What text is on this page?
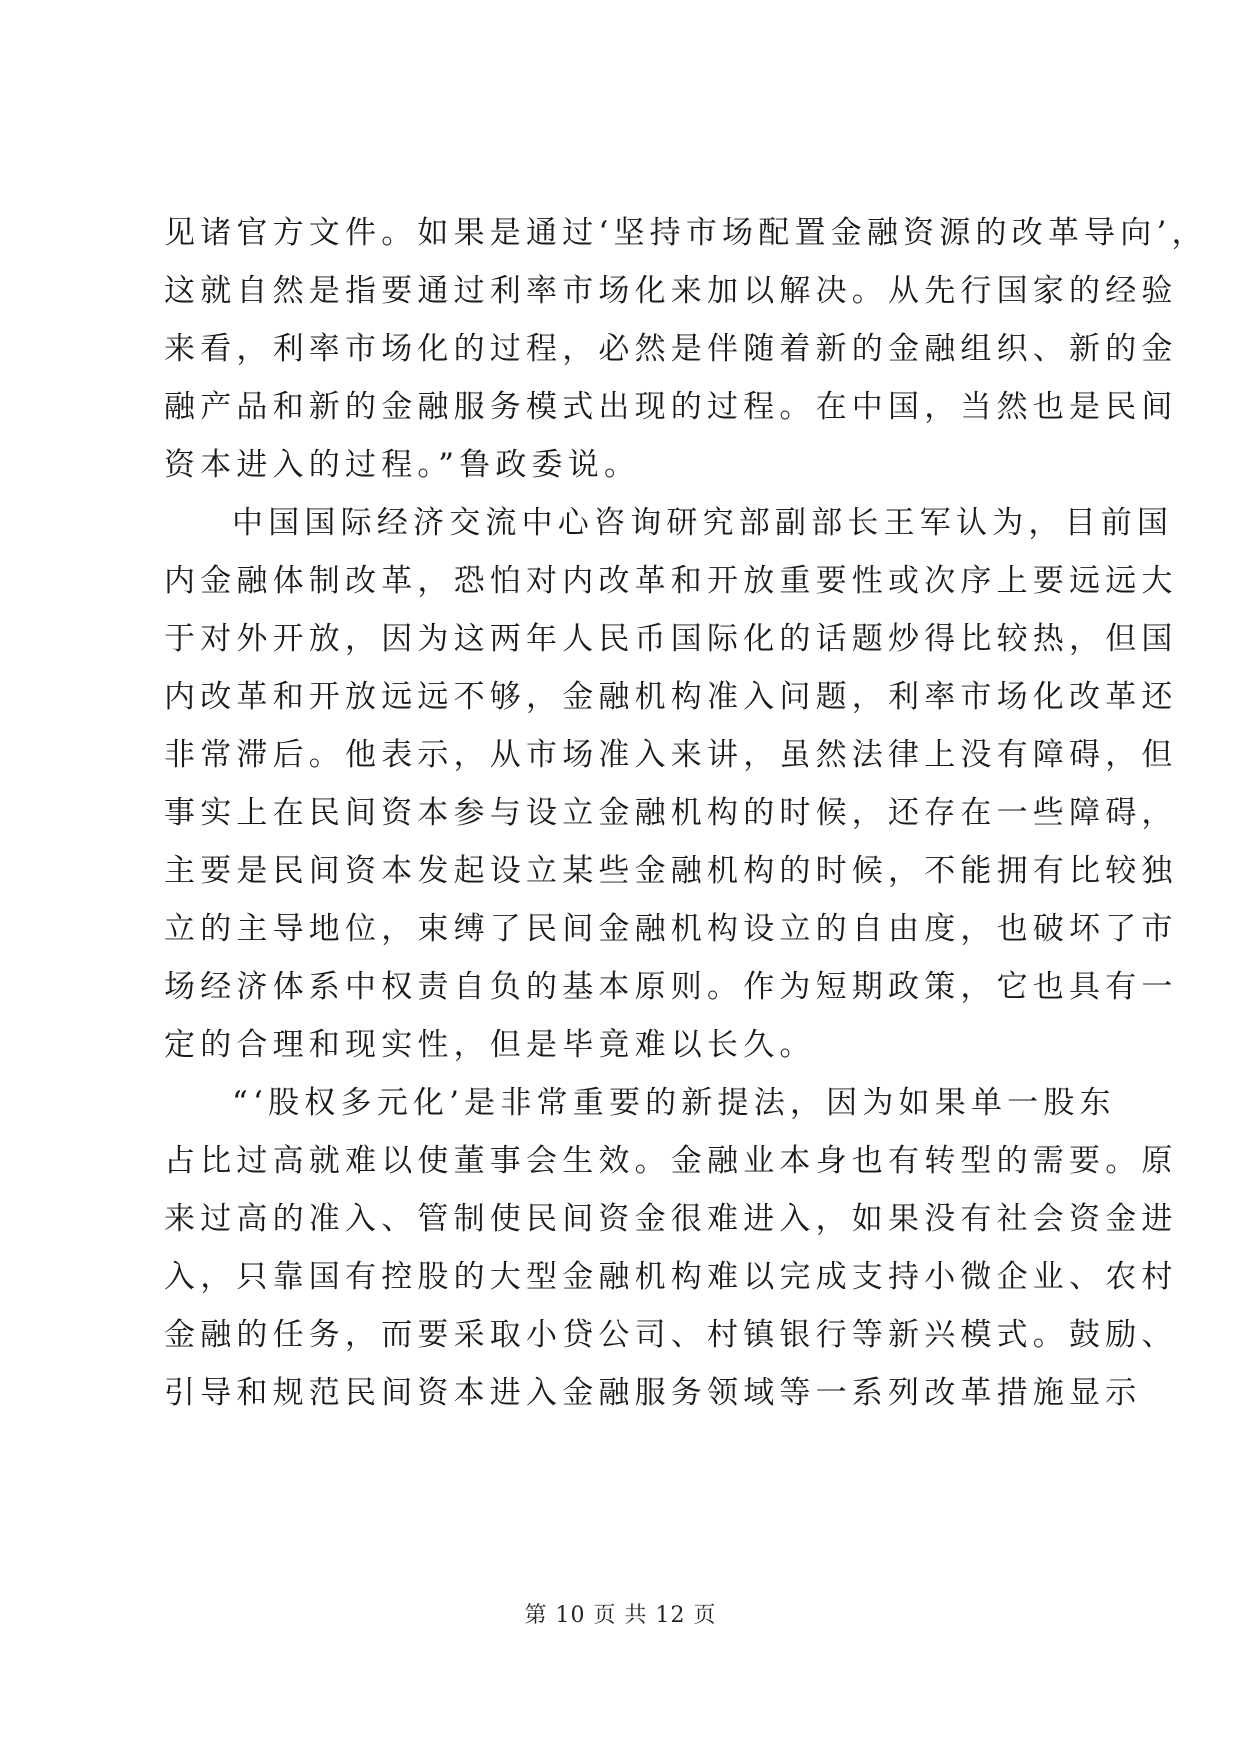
见诸官方文件。如果是通过‘坚持市场配置金融资源的改革导向’，
这就自然是指要通过利率市场化来加以解决。从先行国家的经验
来看，利率市场化的过程，必然是伴随着新的金融组织、新的金
融产品和新的金融服务模式出现的过程。在中国，当然也是民间
资本进入的过程。”鲁政委说。
中国国际经济交流中心咨询研究部副部长王军认为，目前国
内金融体制改革，恐怕对内改革和开放重要性或次序上要远远大
于对外开放，因为这两年人民币国际化的话题炒得比较热，但国
内改革和开放远远不够，金融机构准入问题，利率市场化改革还
非常滞后。他表示，从市场准入来讲，虽然法律上没有障碍，但
事实上在民间资本参与设立金融机构的时候，还存在一些障碍，
主要是民间资本发起设立某些金融机构的时候，不能拥有比较独
立的主导地位，束缚了民间金融机构设立的自由度，也破坏了市
场经济体系中权责自负的基本原则。作为短期政策，它也具有一
定的合理和现实性，但是毕竟难以长久。
“‘股权多元化’是非常重要的新提法，因为如果单一股东
占比过高就难以使董事会生效。金融业本身也有转型的需要。原
来过高的准入、管制使民间资金很难进入，如果没有社会资金进
入，只靠国有控股的大型金融机构难以完成支持小微企业、农村
金融的任务，而要采取小贷公司、村镇银行等新兴模式。鼓励、
引导和规范民间资本进入金融服务领域等一系列改革措施显示
第 10 页 共 12 页
